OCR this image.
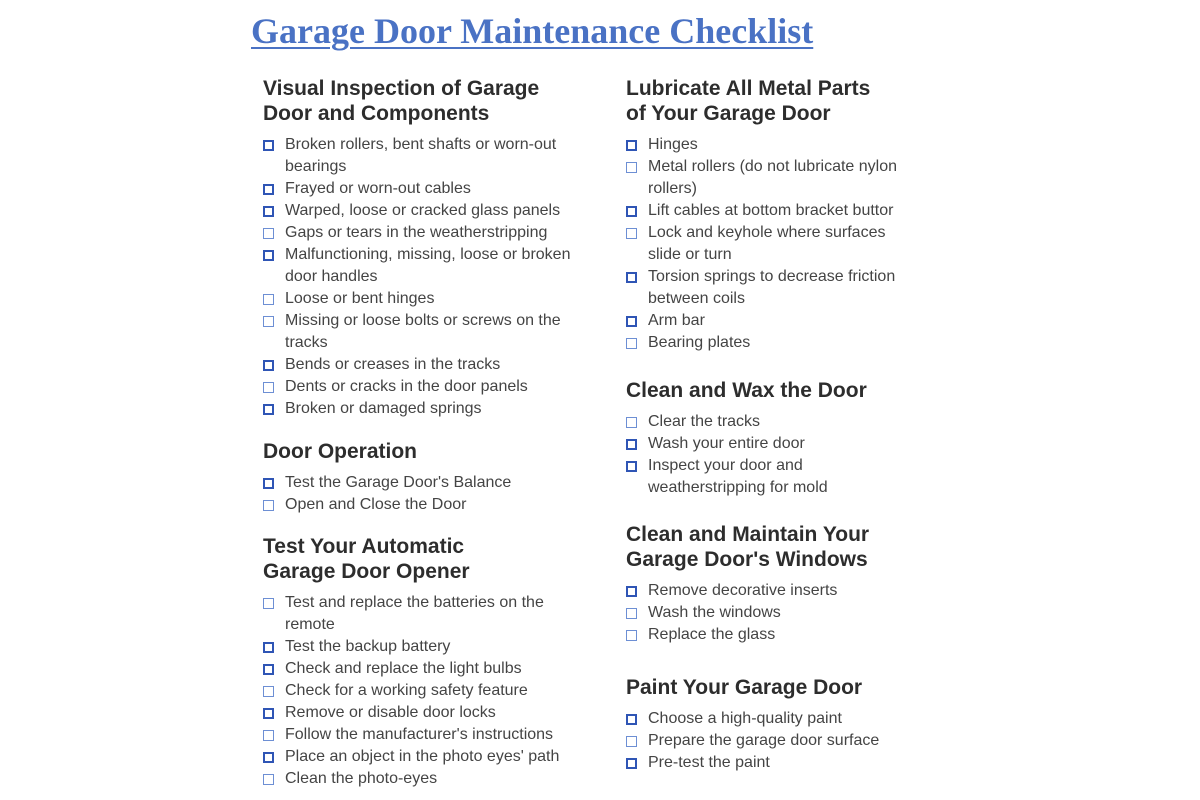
Garage Door Maintenance Checklist
Visual Inspection of Garage Door and Components
Broken rollers, bent shafts or worn-out bearings
Frayed or worn-out cables
Warped, loose or cracked glass panels
Gaps or tears in the weatherstripping
Malfunctioning, missing, loose or broken door handles
Loose or bent hinges
Missing or loose bolts or screws on the tracks
Bends or creases in the tracks
Dents or cracks in the door panels
Broken or damaged springs
Door Operation
Test the Garage Door's Balance
Open and Close the Door
Test Your Automatic Garage Door Opener
Test and replace the batteries on the remote
Test the backup battery
Check and replace the light bulbs
Check for a working safety feature
Remove or disable door locks
Follow the manufacturer's instructions
Place an object in the photo eyes' path
Clean the photo-eyes
Lubricate All Metal Parts of Your Garage Door
Hinges
Metal rollers (do not lubricate nylon rollers)
Lift cables at bottom bracket buttor
Lock and keyhole where surfaces slide or turn
Torsion springs to decrease friction between coils
Arm bar
Bearing plates
Clean and Wax the Door
Clear the tracks
Wash your entire door
Inspect your door and weatherstripping for mold
Clean and Maintain Your Garage Door's Windows
Remove decorative inserts
Wash the windows
Replace the glass
Paint Your Garage Door
Choose a high-quality paint
Prepare the garage door surface
Pre-test the paint
